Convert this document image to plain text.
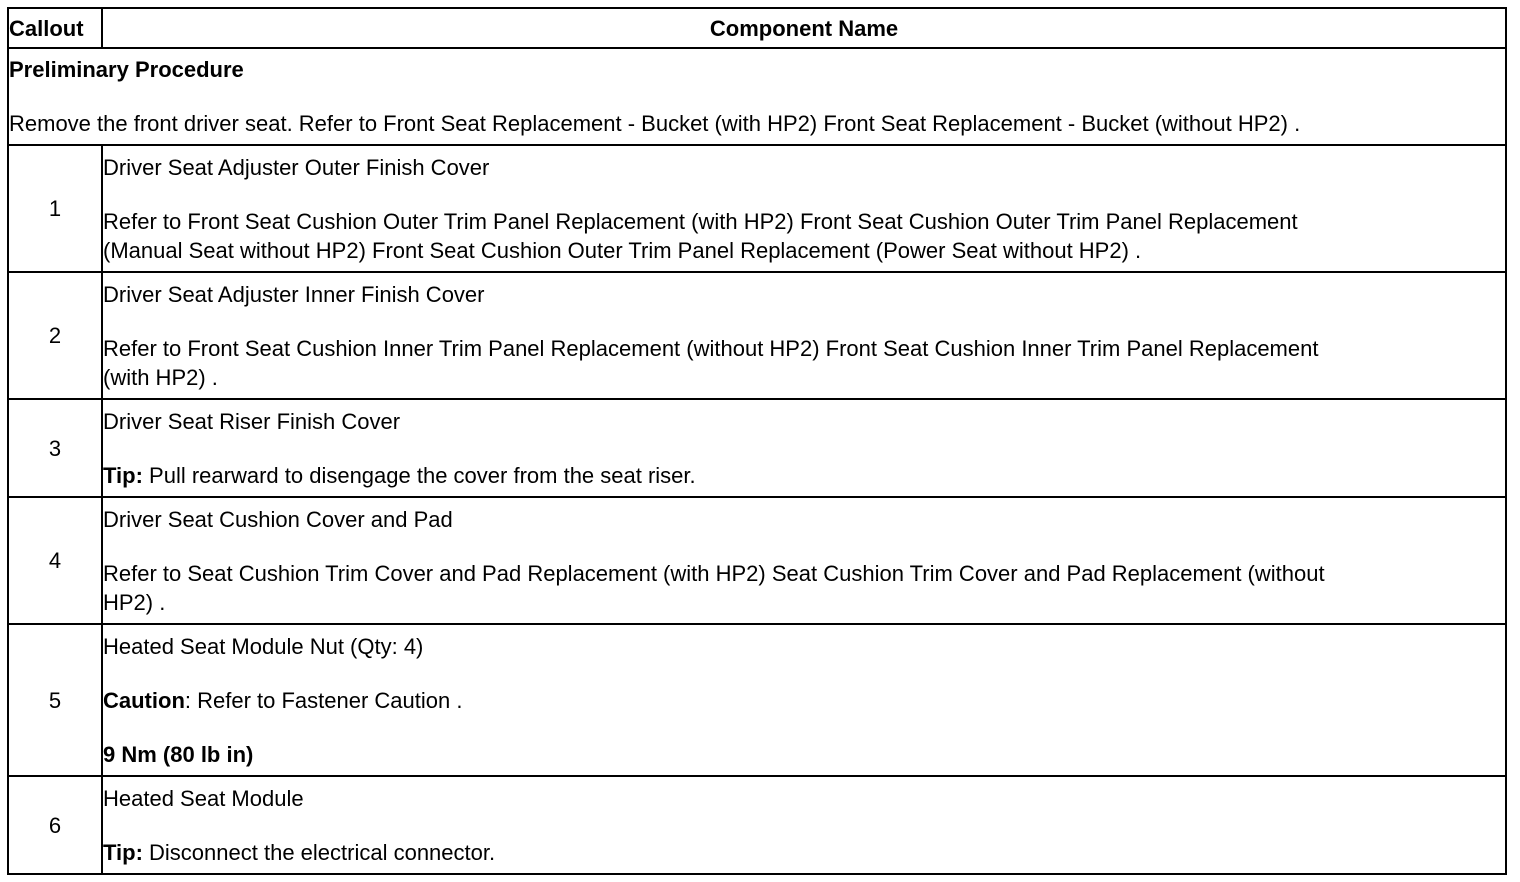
Callout	Component Name

Preliminary Procedure
Remove the front driver seat. Refer to Front Seat Replacement - Bucket (with HP2) Front Seat Replacement - Bucket (without HP2) .	

1	Driver Seat Adjuster Outer Finish Cover
Refer to Front Seat Cushion Outer Trim Panel Replacement (with HP2) Front Seat Cushion Outer Trim Panel Replacement
(Manual Seat without HP2) Front Seat Cushion Outer Trim Panel Replacement (Power Seat without HP2) .

2	Driver Seat Adjuster Inner Finish Cover
Refer to Front Seat Cushion Inner Trim Panel Replacement (without HP2) Front Seat Cushion Inner Trim Panel Replacement
(with HP2) .

3	Driver Seat Riser Finish Cover
Tip: Pull rearward to disengage the cover from the seat riser.

4	Driver Seat Cushion Cover and Pad
Refer to Seat Cushion Trim Cover and Pad Replacement (with HP2) Seat Cushion Trim Cover and Pad Replacement (without
HP2) .

5	Heated Seat Module Nut (Qty: 4)
Caution: Refer to Fastener Caution .
9 Nm (80 lb in)

6	Heated Seat Module
Tip: Disconnect the electrical connector.
